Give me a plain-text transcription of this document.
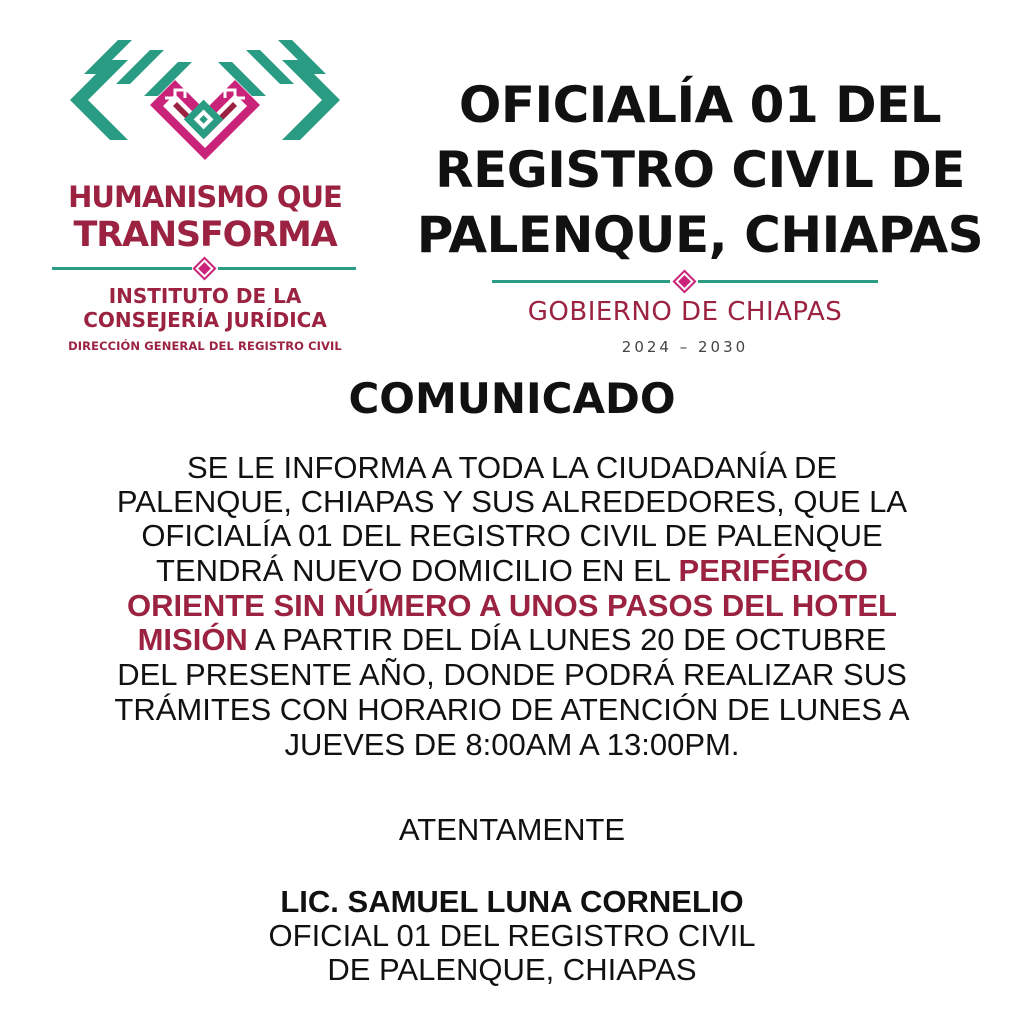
HUMANISMO QUE
TRANSFORMA
INSTITUTO DE LA
CONSEJERÍA JURÍDICA
DIRECCIÓN GENERAL DEL REGISTRO CIVIL
OFICIALÍA 01 DEL
REGISTRO CIVIL DE
PALENQUE, CHIAPAS
GOBIERNO DE CHIAPAS
2024 – 2030
COMUNICADO
SE LE INFORMA A TODA LA CIUDADANÍA DE
PALENQUE, CHIAPAS Y SUS ALREDEDORES, QUE LA
OFICIALÍA 01 DEL REGISTRO CIVIL DE PALENQUE
TENDRÁ NUEVO DOMICILIO EN EL PERIFÉRICO
ORIENTE SIN NÚMERO A UNOS PASOS DEL HOTEL
MISIÓN A PARTIR DEL DÍA LUNES 20 DE OCTUBRE
DEL PRESENTE AÑO, DONDE PODRÁ REALIZAR SUS
TRÁMITES CON HORARIO DE ATENCIÓN DE LUNES A
JUEVES DE 8:00AM A 13:00PM.
ATENTAMENTE
LIC. SAMUEL LUNA CORNELIO
OFICIAL 01 DEL REGISTRO CIVIL
DE PALENQUE, CHIAPAS
